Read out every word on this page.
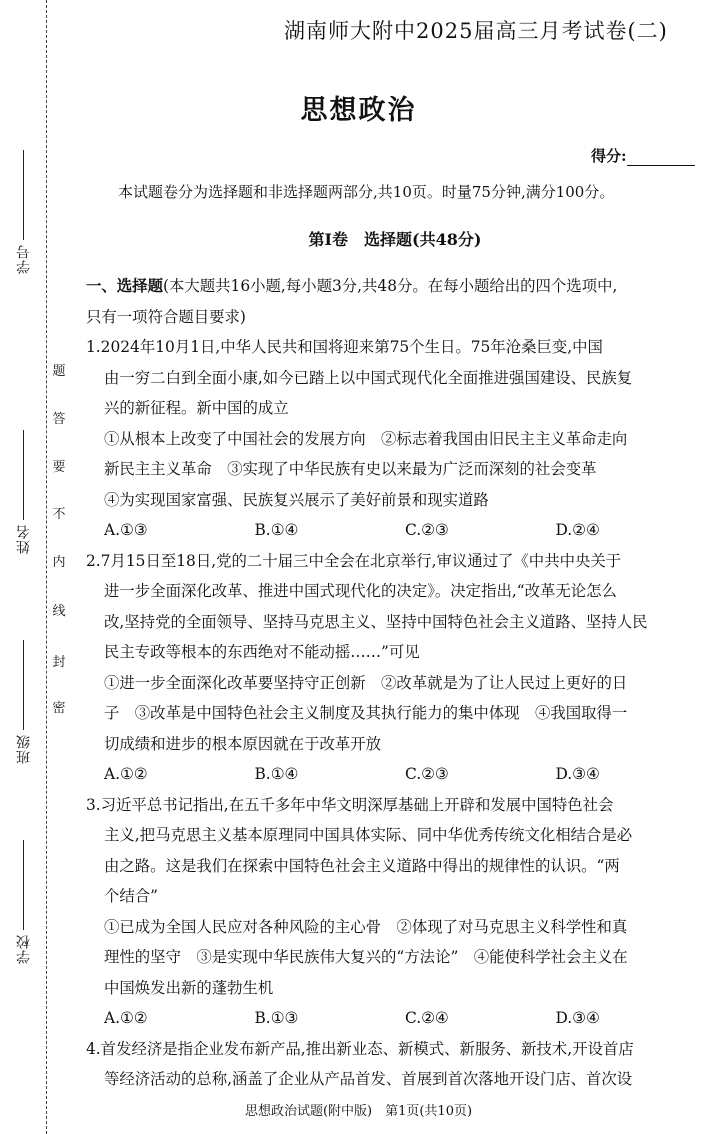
学号
姓名
班级
学校
题
答
要
不
内
线
封
密
湖南师大附中2025届高三月考试卷(二)
思想政治
得分:
本试题卷分为选择题和非选择题两部分,共10页。时量75分钟,满分100分。
第Ⅰ卷　选择题(共48分)
一、选择题(本大题共16小题,每小题3分,共48分。在每小题给出的四个选项中,
只有一项符合题目要求)
1.2024年10月1日,中华人民共和国将迎来第75个生日。75年沧桑巨变,中国
由一穷二白到全面小康,如今已踏上以中国式现代化全面推进强国建设、民族复
兴的新征程。新中国的成立
①从根本上改变了中国社会的发展方向　②标志着我国由旧民主主义革命走向
新民主主义革命　③实现了中华民族有史以来最为广泛而深刻的社会变革
④为实现国家富强、民族复兴展示了美好前景和现实道路
A.①③	B.①④	C.②③	D.②④
2.7月15日至18日,党的二十届三中全会在北京举行,审议通过了《中共中央关于
进一步全面深化改革、推进中国式现代化的决定》。决定指出,“改革无论怎么
改,坚持党的全面领导、坚持马克思主义、坚持中国特色社会主义道路、坚持人民
民主专政等根本的东西绝对不能动摇……”可见
①进一步全面深化改革要坚持守正创新　②改革就是为了让人民过上更好的日
子　③改革是中国特色社会主义制度及其执行能力的集中体现　④我国取得一
切成绩和进步的根本原因就在于改革开放
A.①②	B.①④	C.②③	D.③④
3.习近平总书记指出,在五千多年中华文明深厚基础上开辟和发展中国特色社会
主义,把马克思主义基本原理同中国具体实际、同中华优秀传统文化相结合是必
由之路。这是我们在探索中国特色社会主义道路中得出的规律性的认识。“两
个结合”
①已成为全国人民应对各种风险的主心骨　②体现了对马克思主义科学性和真
理性的坚守　③是实现中华民族伟大复兴的“方法论”　④能使科学社会主义在
中国焕发出新的蓬勃生机
A.①②	B.①③	C.②④	D.③④
4.首发经济是指企业发布新产品,推出新业态、新模式、新服务、新技术,开设首店
等经济活动的总称,涵盖了企业从产品首发、首展到首次落地开设门店、首次设
思想政治试题(附中版)　第1页(共10页)
